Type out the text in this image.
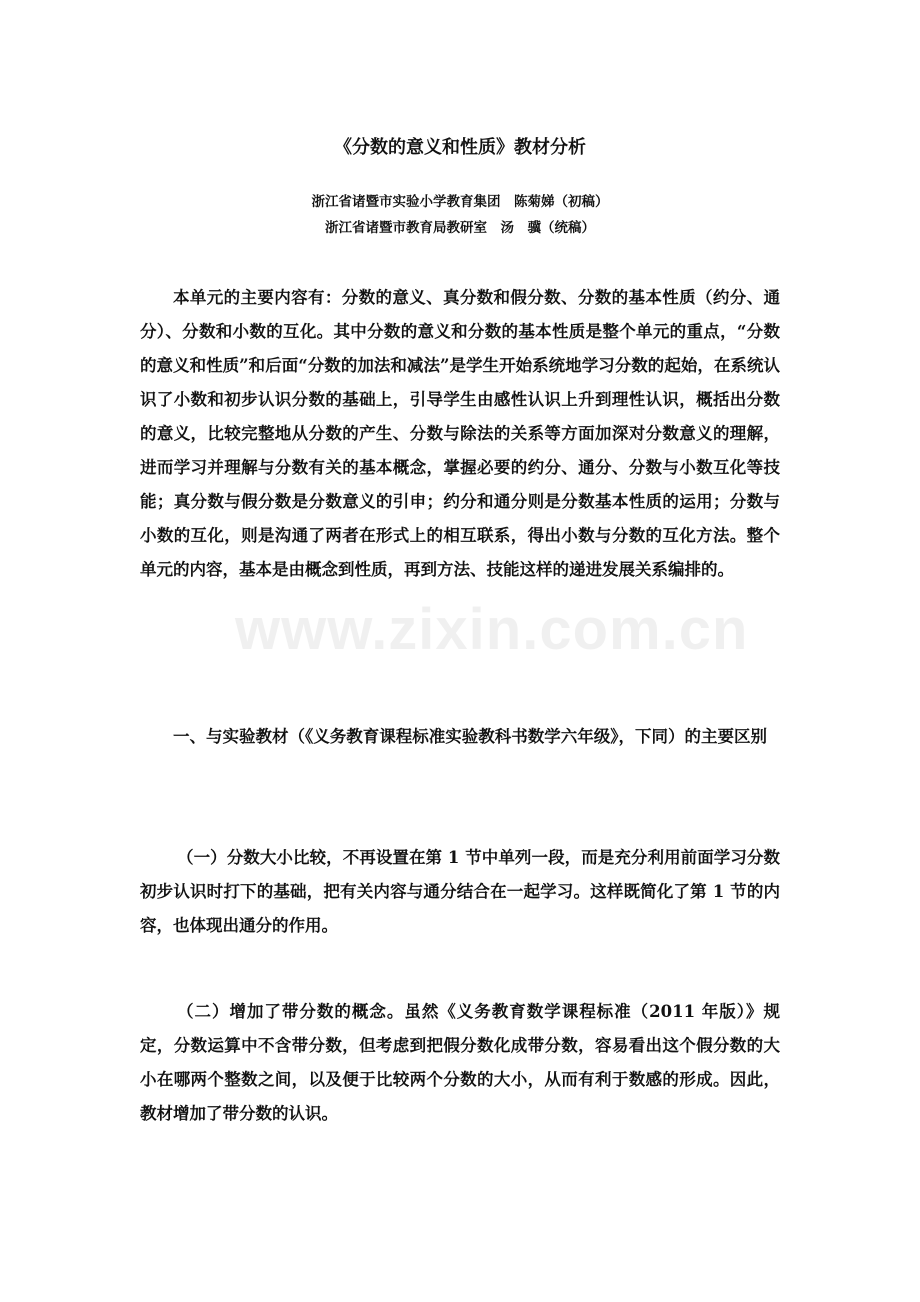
《分数的意义和性质》教材分析
浙江省诸暨市实验小学教育集团　陈菊娣（初稿）
浙江省诸暨市教育局教研室　汤　骥（统稿）

本单元的主要内容有：分数的意义、真分数和假分数、分数的基本性质（约分、通分）、分数和小数的互化。其中分数的意义和分数的基本性质是整个单元的重点，“分数的意义和性质”和后面“分数的加法和减法”是学生开始系统地学习分数的起始，在系统认识了小数和初步认识分数的基础上，引导学生由感性认识上升到理性认识，概括出分数的意义，比较完整地从分数的产生、分数与除法的关系等方面加深对分数意义的理解，进而学习并理解与分数有关的基本概念，掌握必要的约分、通分、分数与小数互化等技能；真分数与假分数是分数意义的引申；约分和通分则是分数基本性质的运用；分数与小数的互化，则是沟通了两者在形式上的相互联系，得出小数与分数的互化方法。整个单元的内容，基本是由概念到性质，再到方法、技能这样的递进发展关系编排的。

一、与实验教材（《义务教育课程标准实验教科书数学六年级》，下同）的主要区别

（一）分数大小比较，不再设置在第 1 节中单列一段，而是充分利用前面学习分数初步认识时打下的基础，把有关内容与通分结合在一起学习。这样既简化了第 1 节的内容，也体现出通分的作用。

（二）增加了带分数的概念。虽然《义务教育数学课程标准（2011 年版）》规定，分数运算中不含带分数，但考虑到把假分数化成带分数，容易看出这个假分数的大小在哪两个整数之间，以及便于比较两个分数的大小，从而有利于数感的形成。因此，教材增加了带分数的认识。

www.zixin.com.cn
